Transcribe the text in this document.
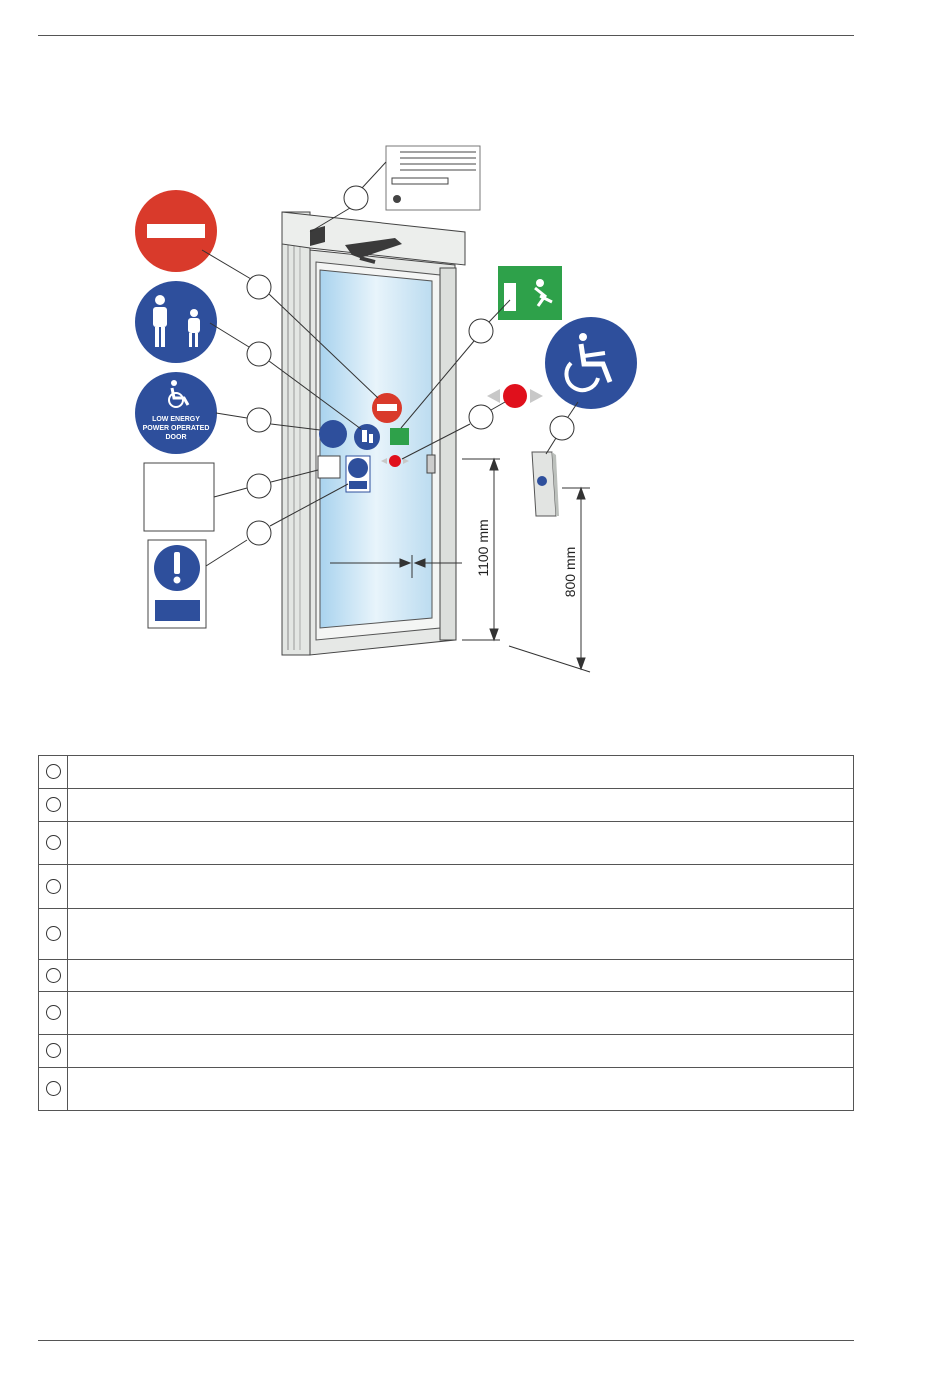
LOW ENERGY
POWER OPERATED
DOOR
1100 mm	800 mm
